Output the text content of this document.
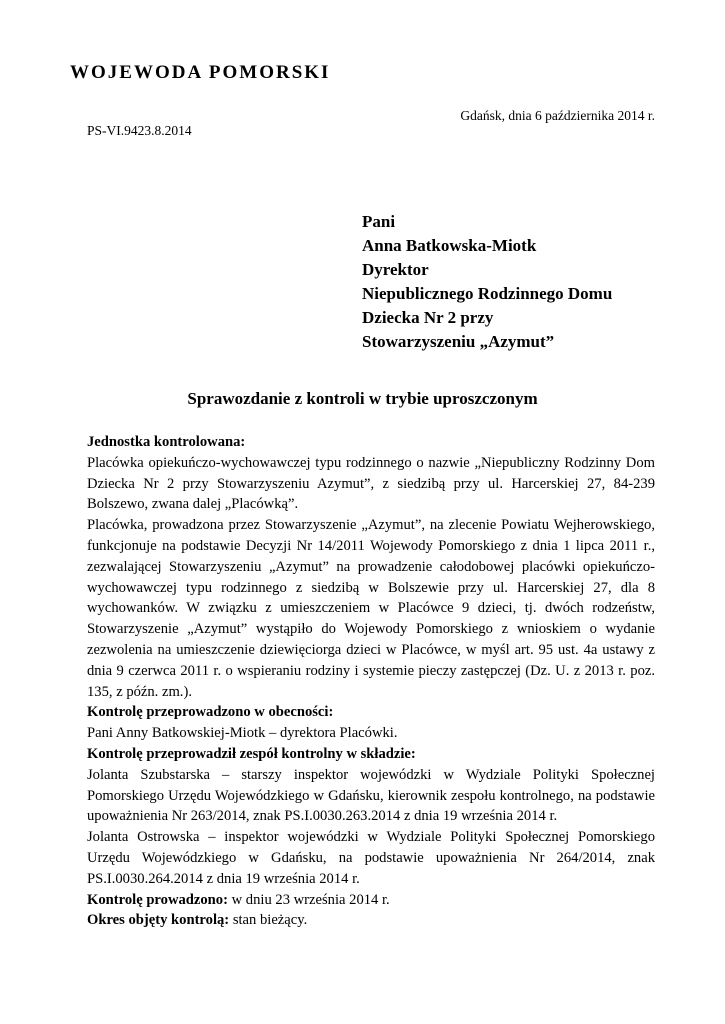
WOJEWODA POMORSKI
Gdańsk, dnia 6 października 2014 r.
PS-VI.9423.8.2014
Pani
Anna Batkowska-Miotk
Dyrektor
Niepublicznego Rodzinnego Domu
Dziecka Nr 2 przy
Stowarzyszeniu „Azymut”
Sprawozdanie z kontroli w trybie uproszczonym

Jednostka kontrolowana:

Placówka opiekuńczo-wychowawczej typu rodzinnego o nazwie „Niepubliczny Rodzinny Dom Dziecka Nr 2 przy Stowarzyszeniu Azymut”, z siedzibą przy ul. Harcerskiej 27, 84-239 Bolszewo, zwana dalej „Placówką”.

Placówka, prowadzona przez Stowarzyszenie „Azymut”, na zlecenie Powiatu Wejherowskiego, funkcjonuje na podstawie Decyzji Nr 14/2011 Wojewody Pomorskiego z dnia 1 lipca 2011 r., zezwalającej Stowarzyszeniu „Azymut” na prowadzenie całodobowej placówki opiekuńczo-wychowawczej typu rodzinnego z siedzibą w Bolszewie przy ul. Harcerskiej 27, dla 8 wychowanków. W związku z umieszczeniem w Placówce 9 dzieci, tj. dwóch rodzeństw, Stowarzyszenie „Azymut” wystąpiło do Wojewody Pomorskiego z wnioskiem o wydanie zezwolenia na umieszczenie dziewięciorga dzieci w Placówce, w myśl art. 95 ust. 4a ustawy z dnia 9 czerwca 2011 r. o wspieraniu rodziny i systemie pieczy zastępczej (Dz. U. z 2013 r. poz. 135, z późn. zm.).

Kontrolę przeprowadzono w obecności:

Pani Anny Batkowskiej-Miotk – dyrektora Placówki.

Kontrolę przeprowadził zespół kontrolny w składzie:

Jolanta Szubstarska – starszy inspektor wojewódzki w Wydziale Polityki Społecznej Pomorskiego Urzędu Wojewódzkiego w Gdańsku, kierownik zespołu kontrolnego, na podstawie upoważnienia Nr 263/2014, znak PS.I.0030.263.2014 z dnia 19 września 2014 r.

Jolanta Ostrowska – inspektor wojewódzki w Wydziale Polityki Społecznej Pomorskiego Urzędu Wojewódzkiego w Gdańsku, na podstawie upoważnienia Nr 264/2014, znak PS.I.0030.264.2014 z dnia 19 września 2014 r.

Kontrolę prowadzono: w dniu 23 września 2014 r.

Okres objęty kontrolą: stan bieżący.
